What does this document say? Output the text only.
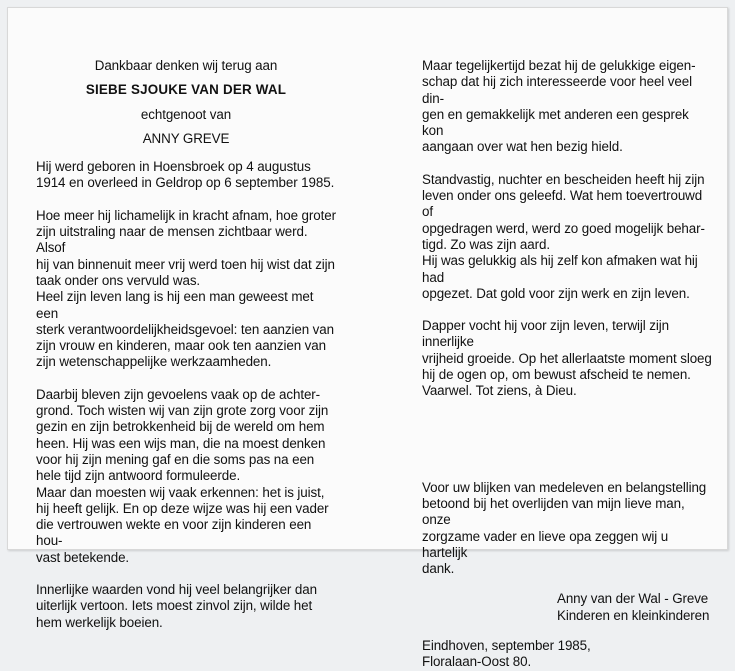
Dankbaar denken wij terug aan
SIEBE SJOUKE VAN DER WAL
echtgenoot van
ANNY GREVE
Hij werd geboren in Hoensbroek op 4 augustus
1914 en overleed in Geldrop op 6 september 1985.
Hoe meer hij lichamelijk in kracht afnam, hoe groter
zijn uitstraling naar de mensen zichtbaar werd. Alsof
hij van binnenuit meer vrij werd toen hij wist dat zijn
taak onder ons vervuld was.
Heel zijn leven lang is hij een man geweest met een
sterk verantwoordelijkheidsgevoel: ten aanzien van
zijn vrouw en kinderen, maar ook ten aanzien van
zijn wetenschappelijke werkzaamheden.
Daarbij bleven zijn gevoelens vaak op de achter-
grond. Toch wisten wij van zijn grote zorg voor zijn
gezin en zijn betrokkenheid bij de wereld om hem
heen. Hij was een wijs man, die na moest denken
voor hij zijn mening gaf en die soms pas na een
hele tijd zijn antwoord formuleerde.
Maar dan moesten wij vaak erkennen: het is juist,
hij heeft gelijk. En op deze wijze was hij een vader
die vertrouwen wekte en voor zijn kinderen een hou-
vast betekende.
Innerlijke waarden vond hij veel belangrijker dan
uiterlijk vertoon. Iets moest zinvol zijn, wilde het
hem werkelijk boeien.
Maar tegelijkertijd bezat hij de gelukkige eigen-
schap dat hij zich interesseerde voor heel veel din-
gen en gemakkelijk met anderen een gesprek kon
aangaan over wat hen bezig hield.
Standvastig, nuchter en bescheiden heeft hij zijn
leven onder ons geleefd. Wat hem toevertrouwd of
opgedragen werd, werd zo goed mogelijk behar-
tigd. Zo was zijn aard.
Hij was gelukkig als hij zelf kon afmaken wat hij had
opgezet. Dat gold voor zijn werk en zijn leven.
Dapper vocht hij voor zijn leven, terwijl zijn innerlijke
vrijheid groeide. Op het allerlaatste moment sloeg
hij de ogen op, om bewust afscheid te nemen.
Vaarwel. Tot ziens, à Dieu.
Voor uw blijken van medeleven en belangstelling
betoond bij het overlijden van mijn lieve man, onze
zorgzame vader en lieve opa zeggen wij u hartelijk
dank.
Anny van der Wal - Greve
Kinderen en kleinkinderen
Eindhoven, september 1985,
Floralaan-Oost 80.
